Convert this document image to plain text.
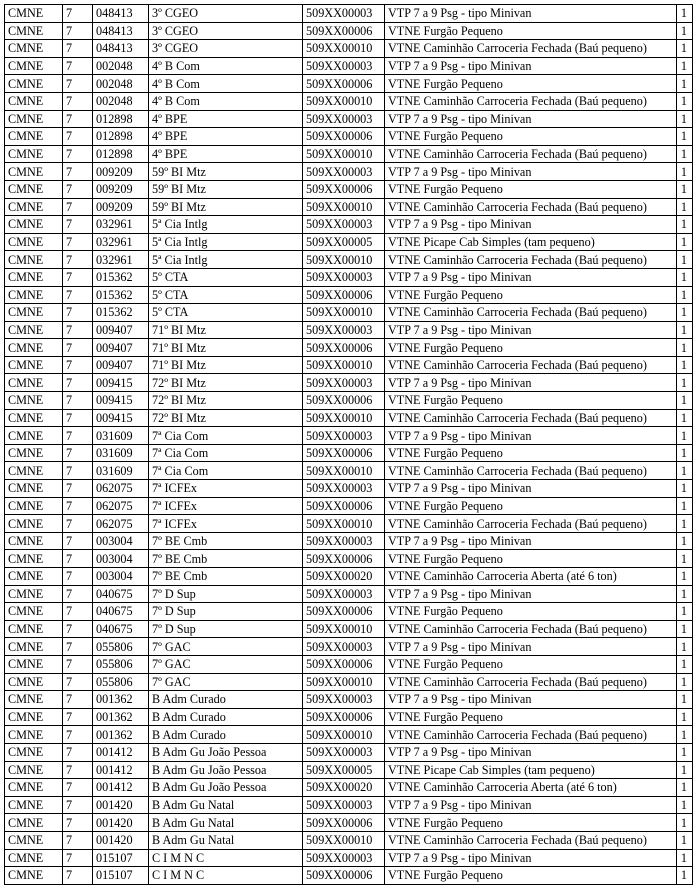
CMNE	7	048413	3º CGEO	509XX00003	VTP 7 a 9 Psg - tipo Minivan	1
CMNE	7	048413	3º CGEO	509XX00006	VTNE Furgão Pequeno	1
CMNE	7	048413	3º CGEO	509XX00010	VTNE Caminhão Carroceria Fechada (Baú pequeno)	1
CMNE	7	002048	4º B Com	509XX00003	VTP 7 a 9 Psg - tipo Minivan	1
CMNE	7	002048	4º B Com	509XX00006	VTNE Furgão Pequeno	1
CMNE	7	002048	4º B Com	509XX00010	VTNE Caminhão Carroceria Fechada (Baú pequeno)	1
CMNE	7	012898	4º BPE	509XX00003	VTP 7 a 9 Psg - tipo Minivan	1
CMNE	7	012898	4º BPE	509XX00006	VTNE Furgão Pequeno	1
CMNE	7	012898	4º BPE	509XX00010	VTNE Caminhão Carroceria Fechada (Baú pequeno)	1
CMNE	7	009209	59º BI Mtz	509XX00003	VTP 7 a 9 Psg - tipo Minivan	1
CMNE	7	009209	59º BI Mtz	509XX00006	VTNE Furgão Pequeno	1
CMNE	7	009209	59º BI Mtz	509XX00010	VTNE Caminhão Carroceria Fechada (Baú pequeno)	1
CMNE	7	032961	5ª Cia Intlg	509XX00003	VTP 7 a 9 Psg - tipo Minivan	1
CMNE	7	032961	5ª Cia Intlg	509XX00005	VTNE Picape Cab Simples (tam pequeno)	1
CMNE	7	032961	5ª Cia Intlg	509XX00010	VTNE Caminhão Carroceria Fechada (Baú pequeno)	1
CMNE	7	015362	5º CTA	509XX00003	VTP 7 a 9 Psg - tipo Minivan	1
CMNE	7	015362	5º CTA	509XX00006	VTNE Furgão Pequeno	1
CMNE	7	015362	5º CTA	509XX00010	VTNE Caminhão Carroceria Fechada (Baú pequeno)	1
CMNE	7	009407	71º BI Mtz	509XX00003	VTP 7 a 9 Psg - tipo Minivan	1
CMNE	7	009407	71º BI Mtz	509XX00006	VTNE Furgão Pequeno	1
CMNE	7	009407	71º BI Mtz	509XX00010	VTNE Caminhão Carroceria Fechada (Baú pequeno)	1
CMNE	7	009415	72º BI Mtz	509XX00003	VTP 7 a 9 Psg - tipo Minivan	1
CMNE	7	009415	72º BI Mtz	509XX00006	VTNE Furgão Pequeno	1
CMNE	7	009415	72º BI Mtz	509XX00010	VTNE Caminhão Carroceria Fechada (Baú pequeno)	1
CMNE	7	031609	7ª Cia Com	509XX00003	VTP 7 a 9 Psg - tipo Minivan	1
CMNE	7	031609	7ª Cia Com	509XX00006	VTNE Furgão Pequeno	1
CMNE	7	031609	7ª Cia Com	509XX00010	VTNE Caminhão Carroceria Fechada (Baú pequeno)	1
CMNE	7	062075	7ª ICFEx	509XX00003	VTP 7 a 9 Psg - tipo Minivan	1
CMNE	7	062075	7ª ICFEx	509XX00006	VTNE Furgão Pequeno	1
CMNE	7	062075	7ª ICFEx	509XX00010	VTNE Caminhão Carroceria Fechada (Baú pequeno)	1
CMNE	7	003004	7º BE Cmb	509XX00003	VTP 7 a 9 Psg - tipo Minivan	1
CMNE	7	003004	7º BE Cmb	509XX00006	VTNE Furgão Pequeno	1
CMNE	7	003004	7º BE Cmb	509XX00020	VTNE Caminhão Carroceria Aberta (até 6 ton)	1
CMNE	7	040675	7º D Sup	509XX00003	VTP 7 a 9 Psg - tipo Minivan	1
CMNE	7	040675	7º D Sup	509XX00006	VTNE Furgão Pequeno	1
CMNE	7	040675	7º D Sup	509XX00010	VTNE Caminhão Carroceria Fechada (Baú pequeno)	1
CMNE	7	055806	7º GAC	509XX00003	VTP 7 a 9 Psg - tipo Minivan	1
CMNE	7	055806	7º GAC	509XX00006	VTNE Furgão Pequeno	1
CMNE	7	055806	7º GAC	509XX00010	VTNE Caminhão Carroceria Fechada (Baú pequeno)	1
CMNE	7	001362	B Adm Curado	509XX00003	VTP 7 a 9 Psg - tipo Minivan	1
CMNE	7	001362	B Adm Curado	509XX00006	VTNE Furgão Pequeno	1
CMNE	7	001362	B Adm Curado	509XX00010	VTNE Caminhão Carroceria Fechada (Baú pequeno)	1
CMNE	7	001412	B Adm Gu João Pessoa	509XX00003	VTP 7 a 9 Psg - tipo Minivan	1
CMNE	7	001412	B Adm Gu João Pessoa	509XX00005	VTNE Picape Cab Simples (tam pequeno)	1
CMNE	7	001412	B Adm Gu João Pessoa	509XX00020	VTNE Caminhão Carroceria Aberta (até 6 ton)	1
CMNE	7	001420	B Adm Gu Natal	509XX00003	VTP 7 a 9 Psg - tipo Minivan	1
CMNE	7	001420	B Adm Gu Natal	509XX00006	VTNE Furgão Pequeno	1
CMNE	7	001420	B Adm Gu Natal	509XX00010	VTNE Caminhão Carroceria Fechada (Baú pequeno)	1
CMNE	7	015107	C I M N C	509XX00003	VTP 7 a 9 Psg - tipo Minivan	1
CMNE	7	015107	C I M N C	509XX00006	VTNE Furgão Pequeno	1
